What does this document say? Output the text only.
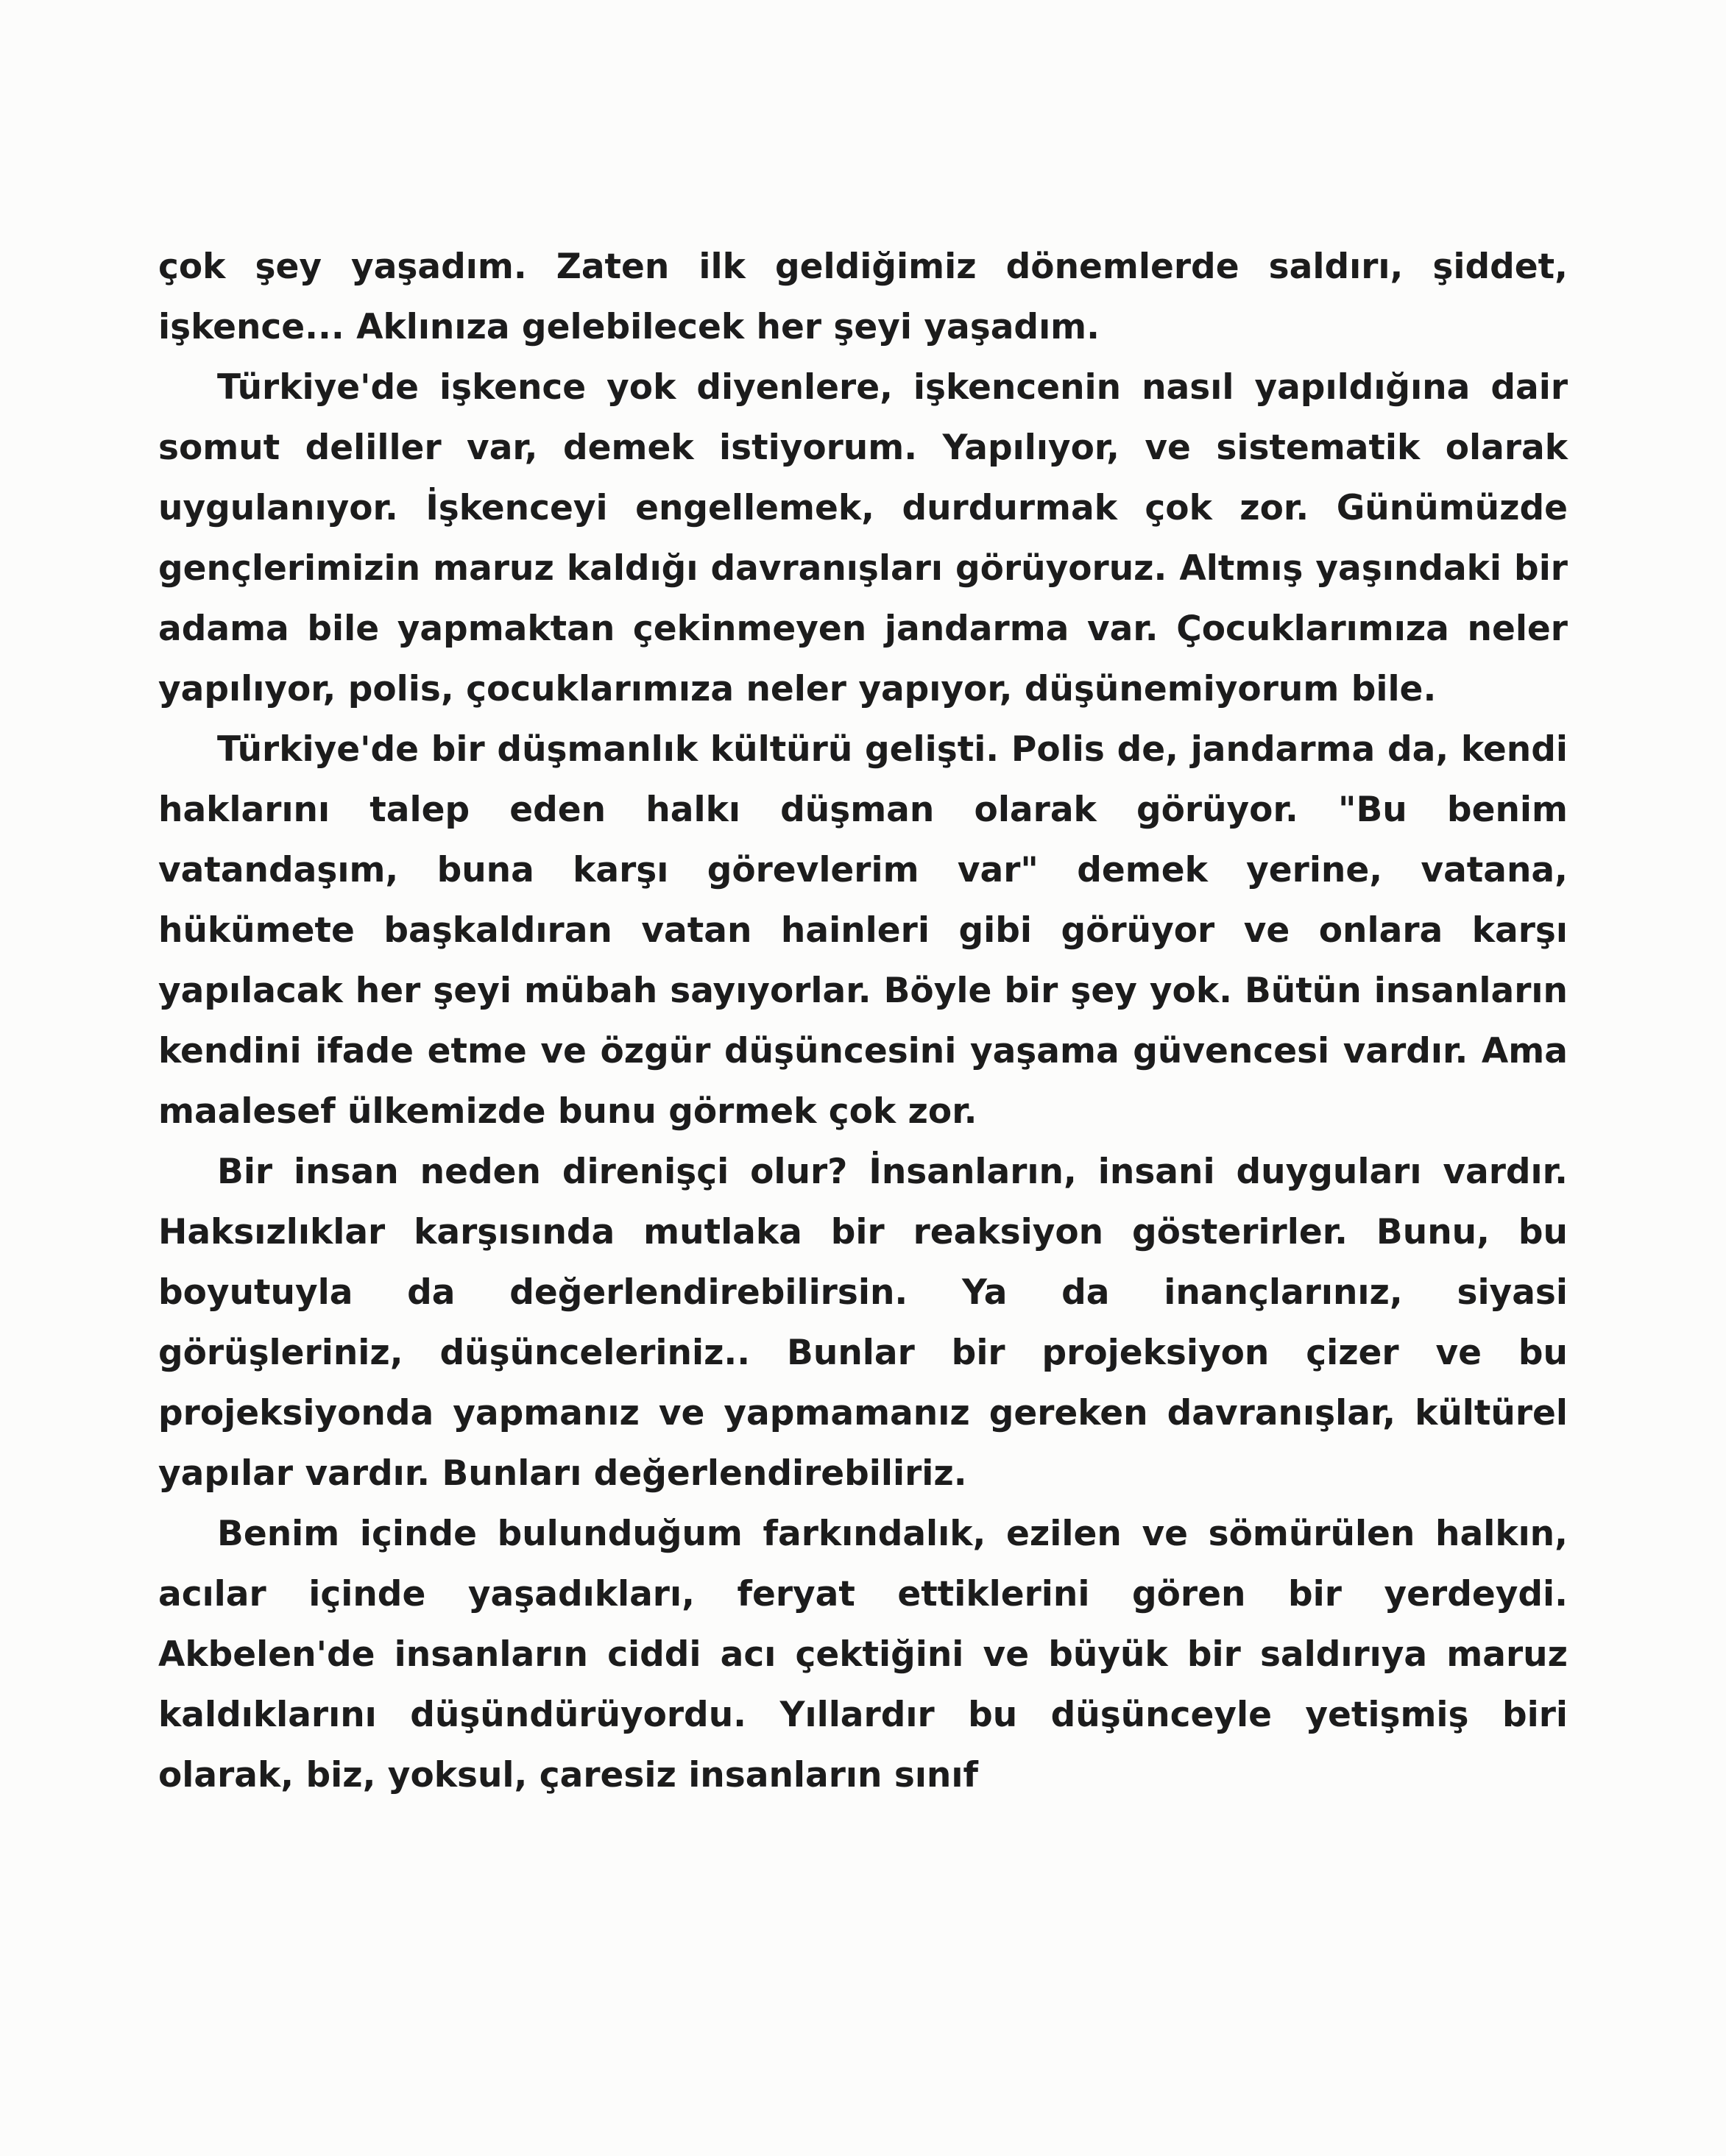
çok şey yaşadım. Zaten ilk geldiğimiz dönemlerde saldırı, şiddet, işkence... Aklınıza gelebilecek her şeyi yaşadım.

Türkiye'de işkence yok diyenlere, işkencenin nasıl yapıldığına dair somut deliller var, demek istiyorum. Yapılıyor, ve sistematik olarak uygulanıyor. İşkenceyi engellemek, durdurmak çok zor. Günümüzde gençlerimizin maruz kaldığı davranışları görüyoruz. Altmış yaşındaki bir adama bile yapmaktan çekinmeyen jandarma var. Çocuklarımıza neler yapılıyor, polis, çocuklarımıza neler yapıyor, düşünemiyorum bile.

Türkiye'de bir düşmanlık kültürü gelişti. Polis de, jandarma da, kendi haklarını talep eden halkı düşman olarak görüyor. "Bu benim vatandaşım, buna karşı görevlerim var" demek yerine, vatana, hükümete başkaldıran vatan hainleri gibi görüyor ve onlara karşı yapılacak her şeyi mübah sayıyorlar. Böyle bir şey yok. Bütün insanların kendini ifade etme ve özgür düşüncesini yaşama güvencesi vardır. Ama maalesef ülkemizde bunu görmek çok zor.

Bir insan neden direnişçi olur? İnsanların, insani duyguları vardır. Haksızlıklar karşısında mutlaka bir reaksiyon gösterirler. Bunu, bu boyutuyla da değerlendirebilirsin. Ya da inançlarınız, siyasi görüşleriniz, düşünceleriniz.. Bunlar bir projeksiyon çizer ve bu projeksiyonda yapmanız ve yapmamanız gereken davranışlar, kültürel yapılar vardır. Bunları değerlendirebiliriz.

Benim içinde bulunduğum farkındalık, ezilen ve sömürülen halkın, acılar içinde yaşadıkları, feryat ettiklerini gören bir yerdeydi. Akbelen'de insanların ciddi acı çektiğini ve büyük bir saldırıya maruz kaldıklarını düşündürüyordu. Yıllardır bu düşünceyle yetişmiş biri olarak, biz, yoksul, çaresiz insanların sınıf
